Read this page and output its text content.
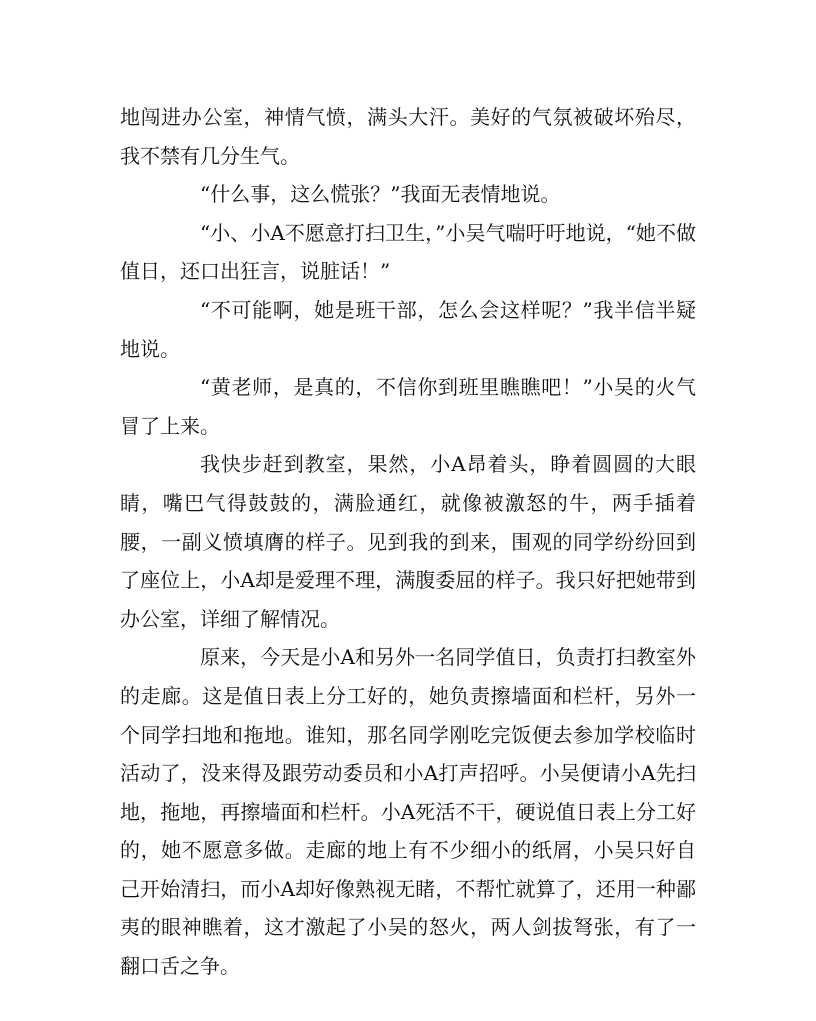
地闯进办公室，神情气愤，满头大汗。美好的气氛被破坏殆尽，我不禁有几分生气。

“什么事，这么慌张？”我面无表情地说。

“小、小A不愿意打扫卫生，”小吴气喘吁吁地说，“她不做值日，还口出狂言，说脏话！”

“不可能啊，她是班干部，怎么会这样呢？”我半信半疑地说。

“黄老师，是真的，不信你到班里瞧瞧吧！”小吴的火气冒了上来。

我快步赶到教室，果然，小A昂着头，睁着圆圆的大眼睛，嘴巴气得鼓鼓的，满脸通红，就像被激怒的牛，两手插着腰，一副义愤填膺的样子。见到我的到来，围观的同学纷纷回到了座位上，小A却是爱理不理，满腹委屈的样子。我只好把她带到办公室，详细了解情况。

原来，今天是小A和另外一名同学值日，负责打扫教室外的走廊。这是值日表上分工好的，她负责擦墙面和栏杆，另外一个同学扫地和拖地。谁知，那名同学刚吃完饭便去参加学校临时活动了，没来得及跟劳动委员和小A打声招呼。小吴便请小A先扫地，拖地，再擦墙面和栏杆。小A死活不干，硬说值日表上分工好的，她不愿意多做。走廊的地上有不少细小的纸屑，小吴只好自己开始清扫，而小A却好像熟视无睹，不帮忙就算了，还用一种鄙夷的眼神瞧着，这才激起了小吴的怒火，两人剑拔弩张，有了一翻口舌之争。
